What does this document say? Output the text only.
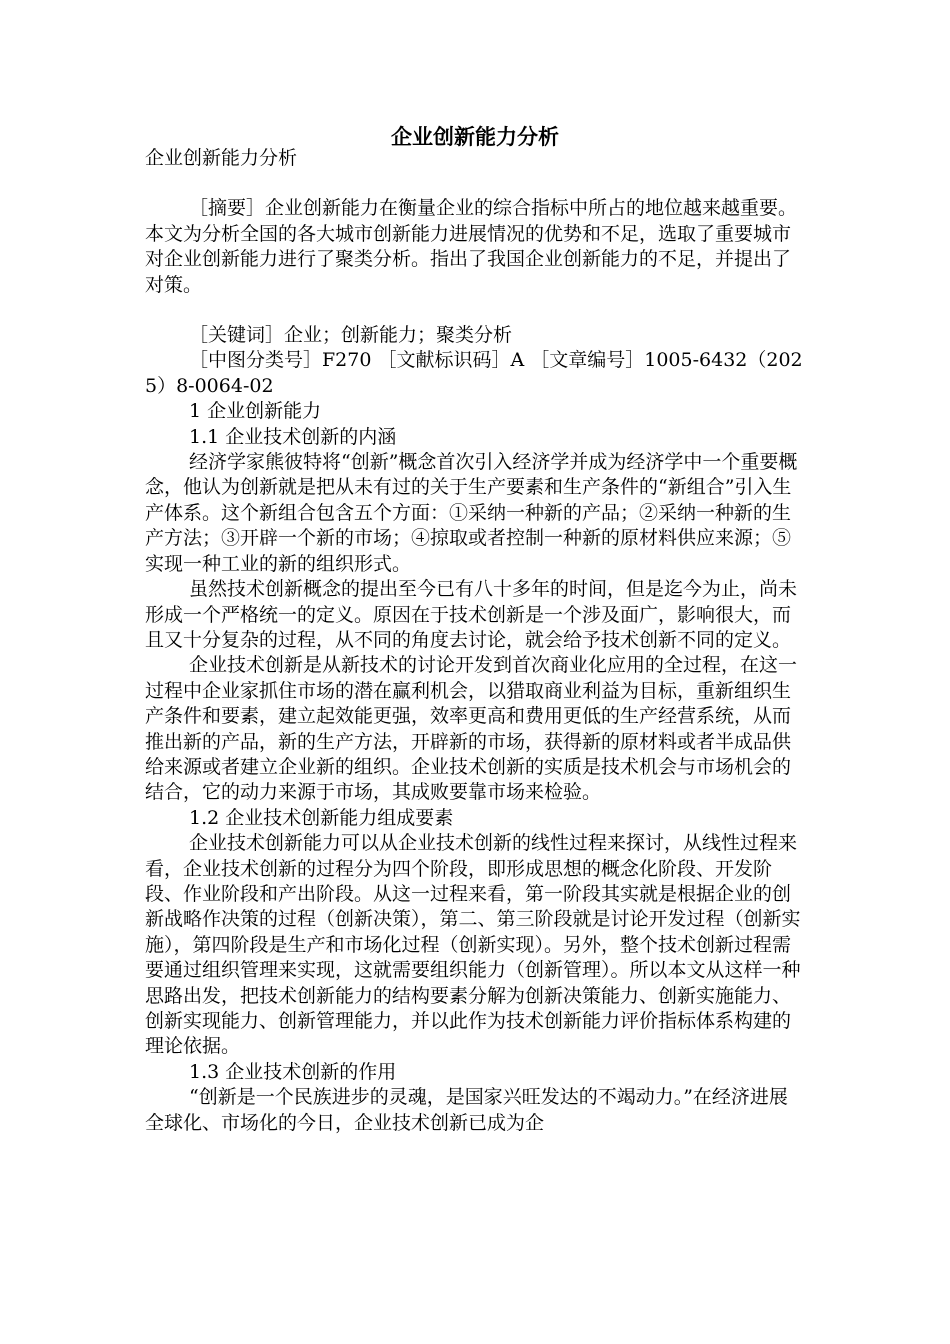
企业创新能力分析

企业创新能力分析

［摘要］企业创新能力在衡量企业的综合指标中所占的地位越来越重要。本文为分析全国的各大城市创新能力进展情况的优势和不足，选取了重要城市对企业创新能力进行了聚类分析。指出了我国企业创新能力的不足，并提出了对策。

［关键词］企业；创新能力；聚类分析

［中图分类号］F270 ［文献标识码］A ［文章编号］1005-6432（2025）8-0064-02

1 企业创新能力

1.1 企业技术创新的内涵

经济学家熊彼特将“创新”概念首次引入经济学并成为经济学中一个重要概念，他认为创新就是把从未有过的关于生产要素和生产条件的“新组合”引入生产体系。这个新组合包含五个方面：①采纳一种新的产品；②采纳一种新的生产方法；③开辟一个新的市场；④掠取或者控制一种新的原材料供应来源；⑤实现一种工业的新的组织形式。

虽然技术创新概念的提出至今已有八十多年的时间，但是迄今为止，尚未形成一个严格统一的定义。原因在于技术创新是一个涉及面广，影响很大，而且又十分复杂的过程，从不同的角度去讨论，就会给予技术创新不同的定义。

企业技术创新是从新技术的讨论开发到首次商业化应用的全过程，在这一过程中企业家抓住市场的潜在赢利机会，以猎取商业利益为目标，重新组织生产条件和要素，建立起效能更强，效率更高和费用更低的生产经营系统，从而推出新的产品，新的生产方法，开辟新的市场，获得新的原材料或者半成品供给来源或者建立企业新的组织。企业技术创新的实质是技术机会与市场机会的结合，它的动力来源于市场，其成败要靠市场来检验。

1.2 企业技术创新能力组成要素

企业技术创新能力可以从企业技术创新的线性过程来探讨，从线性过程来看，企业技术创新的过程分为四个阶段，即形成思想的概念化阶段、开发阶段、作业阶段和产出阶段。从这一过程来看，第一阶段其实就是根据企业的创新战略作决策的过程（创新决策），第二、第三阶段就是讨论开发过程（创新实施），第四阶段是生产和市场化过程（创新实现）。另外，整个技术创新过程需要通过组织管理来实现，这就需要组织能力（创新管理）。所以本文从这样一种思路出发，把技术创新能力的结构要素分解为创新决策能力、创新实施能力、创新实现能力、创新管理能力，并以此作为技术创新能力评价指标体系构建的理论依据。

1.3 企业技术创新的作用

“创新是一个民族进步的灵魂，是国家兴旺发达的不竭动力。”在经济进展全球化、市场化的今日，企业技术创新已成为企
